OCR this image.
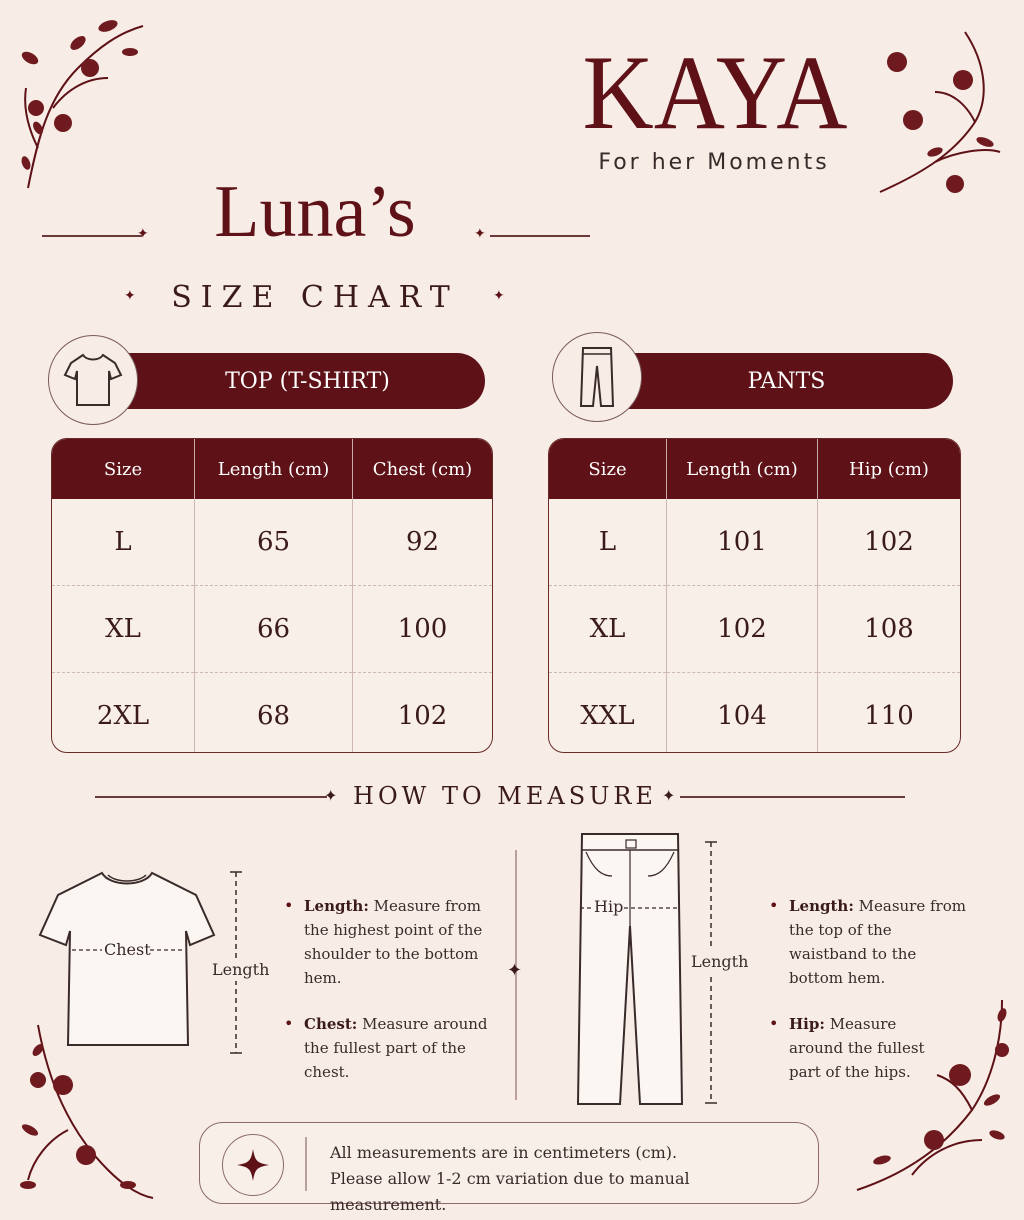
KAYA
For her Moments
✦ Luna’s	✦
✦	SIZE CHART	✦
TOP (T-SHIRT)	PANTS
Size	Length (cm)	Chest (cm)
L	65	92
XL	66	100
2XL	68	102
Size	Length (cm)	Hip (cm)
L	101	102
XL	102	108
XXL	104	110
✦ HOW TO MEASURE ✦
Chest
Length
• Length: Measure from the highest point of the shoulder to the bottom hem.
• Chest: Measure around the fullest part of the chest.
✦
Hip
Length
• Length: Measure from the top of the waistband to the bottom hem.
• Hip: Measure around the fullest part of the hips.
All measurements are in centimeters (cm).
Please allow 1-2 cm variation due to manual measurement.
